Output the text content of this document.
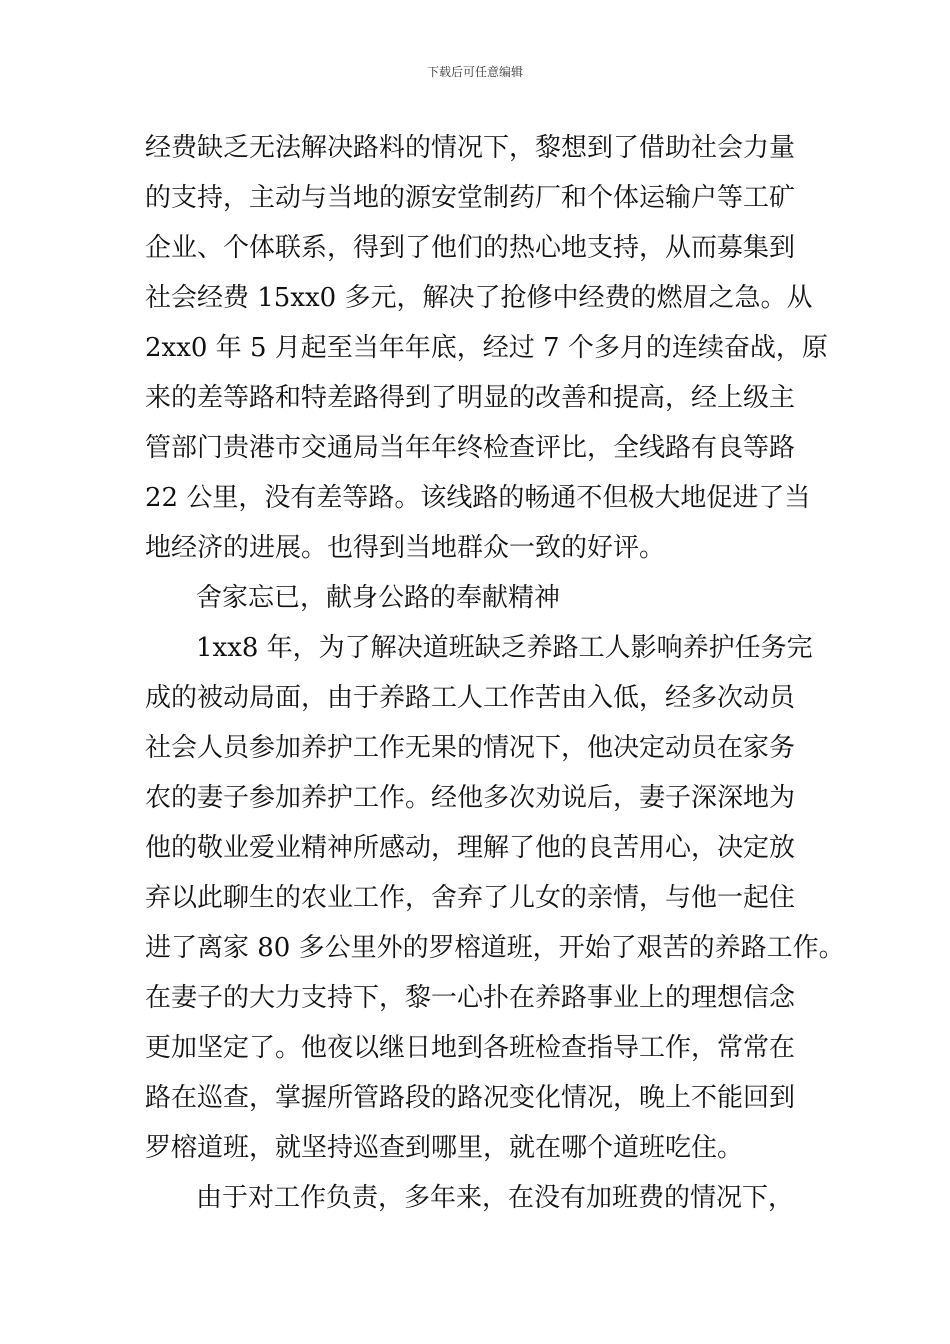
下载后可任意编辑
经费缺乏无法解决路料的情况下，黎想到了借助社会力量
的支持，主动与当地的源安堂制药厂和个体运输户等工矿
企业、个体联系，得到了他们的热心地支持，从而募集到
社会经费 15xx0 多元，解决了抢修中经费的燃眉之急。从
2xx0 年 5 月起至当年年底，经过 7 个多月的连续奋战，原
来的差等路和特差路得到了明显的改善和提高，经上级主
管部门贵港市交通局当年年终检查评比，全线路有良等路
22 公里，没有差等路。该线路的畅通不但极大地促进了当
地经济的进展。也得到当地群众一致的好评。
舍家忘已，献身公路的奉献精神
1xx8 年，为了解决道班缺乏养路工人影响养护任务完
成的被动局面，由于养路工人工作苦由入低，经多次动员
社会人员参加养护工作无果的情况下，他决定动员在家务
农的妻子参加养护工作。经他多次劝说后，妻子深深地为
他的敬业爱业精神所感动，理解了他的良苦用心，决定放
弃以此聊生的农业工作，舍弃了儿女的亲情，与他一起住
进了离家 80 多公里外的罗榕道班，开始了艰苦的养路工作。
在妻子的大力支持下，黎一心扑在养路事业上的理想信念
更加坚定了。他夜以继日地到各班检查指导工作，常常在
路在巡查，掌握所管路段的路况变化情况，晚上不能回到
罗榕道班，就坚持巡查到哪里，就在哪个道班吃住。
由于对工作负责，多年来，在没有加班费的情况下，
